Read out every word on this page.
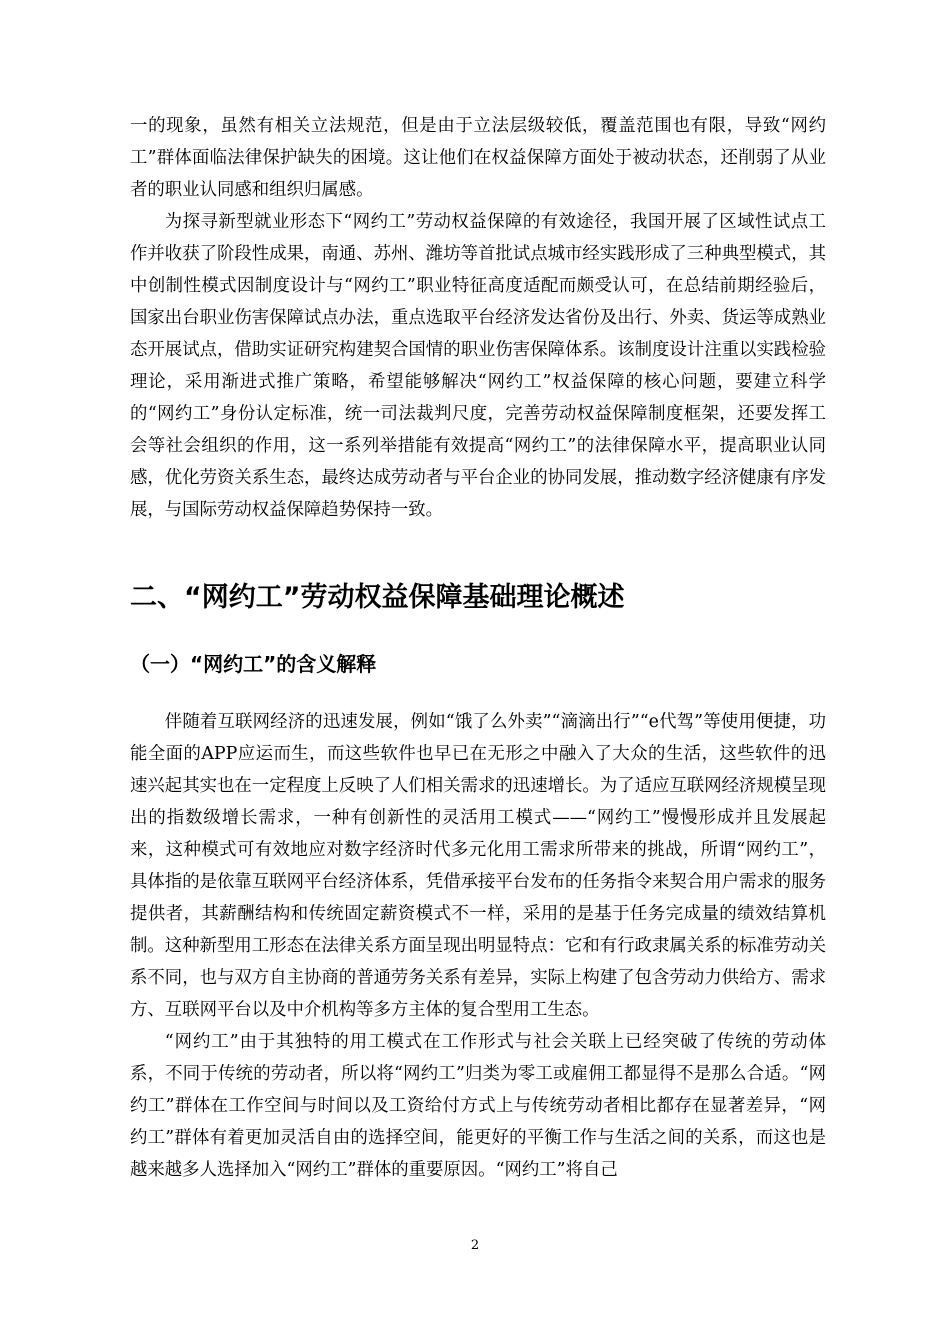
一的现象，虽然有相关立法规范，但是由于立法层级较低，覆盖范围也有限，导致“网约工”群体面临法律保护缺失的困境。这让他们在权益保障方面处于被动状态，还削弱了从业者的职业认同感和组织归属感。

为探寻新型就业形态下“网约工”劳动权益保障的有效途径，我国开展了区域性试点工作并收获了阶段性成果，南通、苏州、潍坊等首批试点城市经实践形成了三种典型模式，其中创制性模式因制度设计与“网约工”职业特征高度适配而颇受认可，在总结前期经验后，国家出台职业伤害保障试点办法，重点选取平台经济发达省份及出行、外卖、货运等成熟业态开展试点，借助实证研究构建契合国情的职业伤害保障体系。该制度设计注重以实践检验理论，采用渐进式推广策略，希望能够解决“网约工”权益保障的核心问题，要建立科学的“网约工”身份认定标准，统一司法裁判尺度，完善劳动权益保障制度框架，还要发挥工会等社会组织的作用，这一系列举措能有效提高“网约工”的法律保障水平，提高职业认同感，优化劳资关系生态，最终达成劳动者与平台企业的协同发展，推动数字经济健康有序发展，与国际劳动权益保障趋势保持一致。

二、“网约工”劳动权益保障基础理论概述
（一）“网约工”的含义解释

伴随着互联网经济的迅速发展，例如“饿了么外卖”“滴滴出行”“e代驾”等使用便捷，功能全面的APP应运而生，而这些软件也早已在无形之中融入了大众的生活，这些软件的迅速兴起其实也在一定程度上反映了人们相关需求的迅速增长。为了适应互联网经济规模呈现出的指数级增长需求，一种有创新性的灵活用工模式——“网约工”慢慢形成并且发展起来，这种模式可有效地应对数字经济时代多元化用工需求所带来的挑战，所谓“网约工”，具体指的是依靠互联网平台经济体系，凭借承接平台发布的任务指令来契合用户需求的服务提供者，其薪酬结构和传统固定薪资模式不一样，采用的是基于任务完成量的绩效结算机制。这种新型用工形态在法律关系方面呈现出明显特点：它和有行政隶属关系的标准劳动关系不同，也与双方自主协商的普通劳务关系有差异，实际上构建了包含劳动力供给方、需求方、互联网平台以及中介机构等多方主体的复合型用工生态。

“网约工”由于其独特的用工模式在工作形式与社会关联上已经突破了传统的劳动体系，不同于传统的劳动者，所以将“网约工”归类为零工或雇佣工都显得不是那么合适。“网约工”群体在工作空间与时间以及工资给付方式上与传统劳动者相比都存在显著差异，“网约工”群体有着更加灵活自由的选择空间，能更好的平衡工作与生活之间的关系，而这也是越来越多人选择加入“网约工”群体的重要原因。“网约工”将自己

2
